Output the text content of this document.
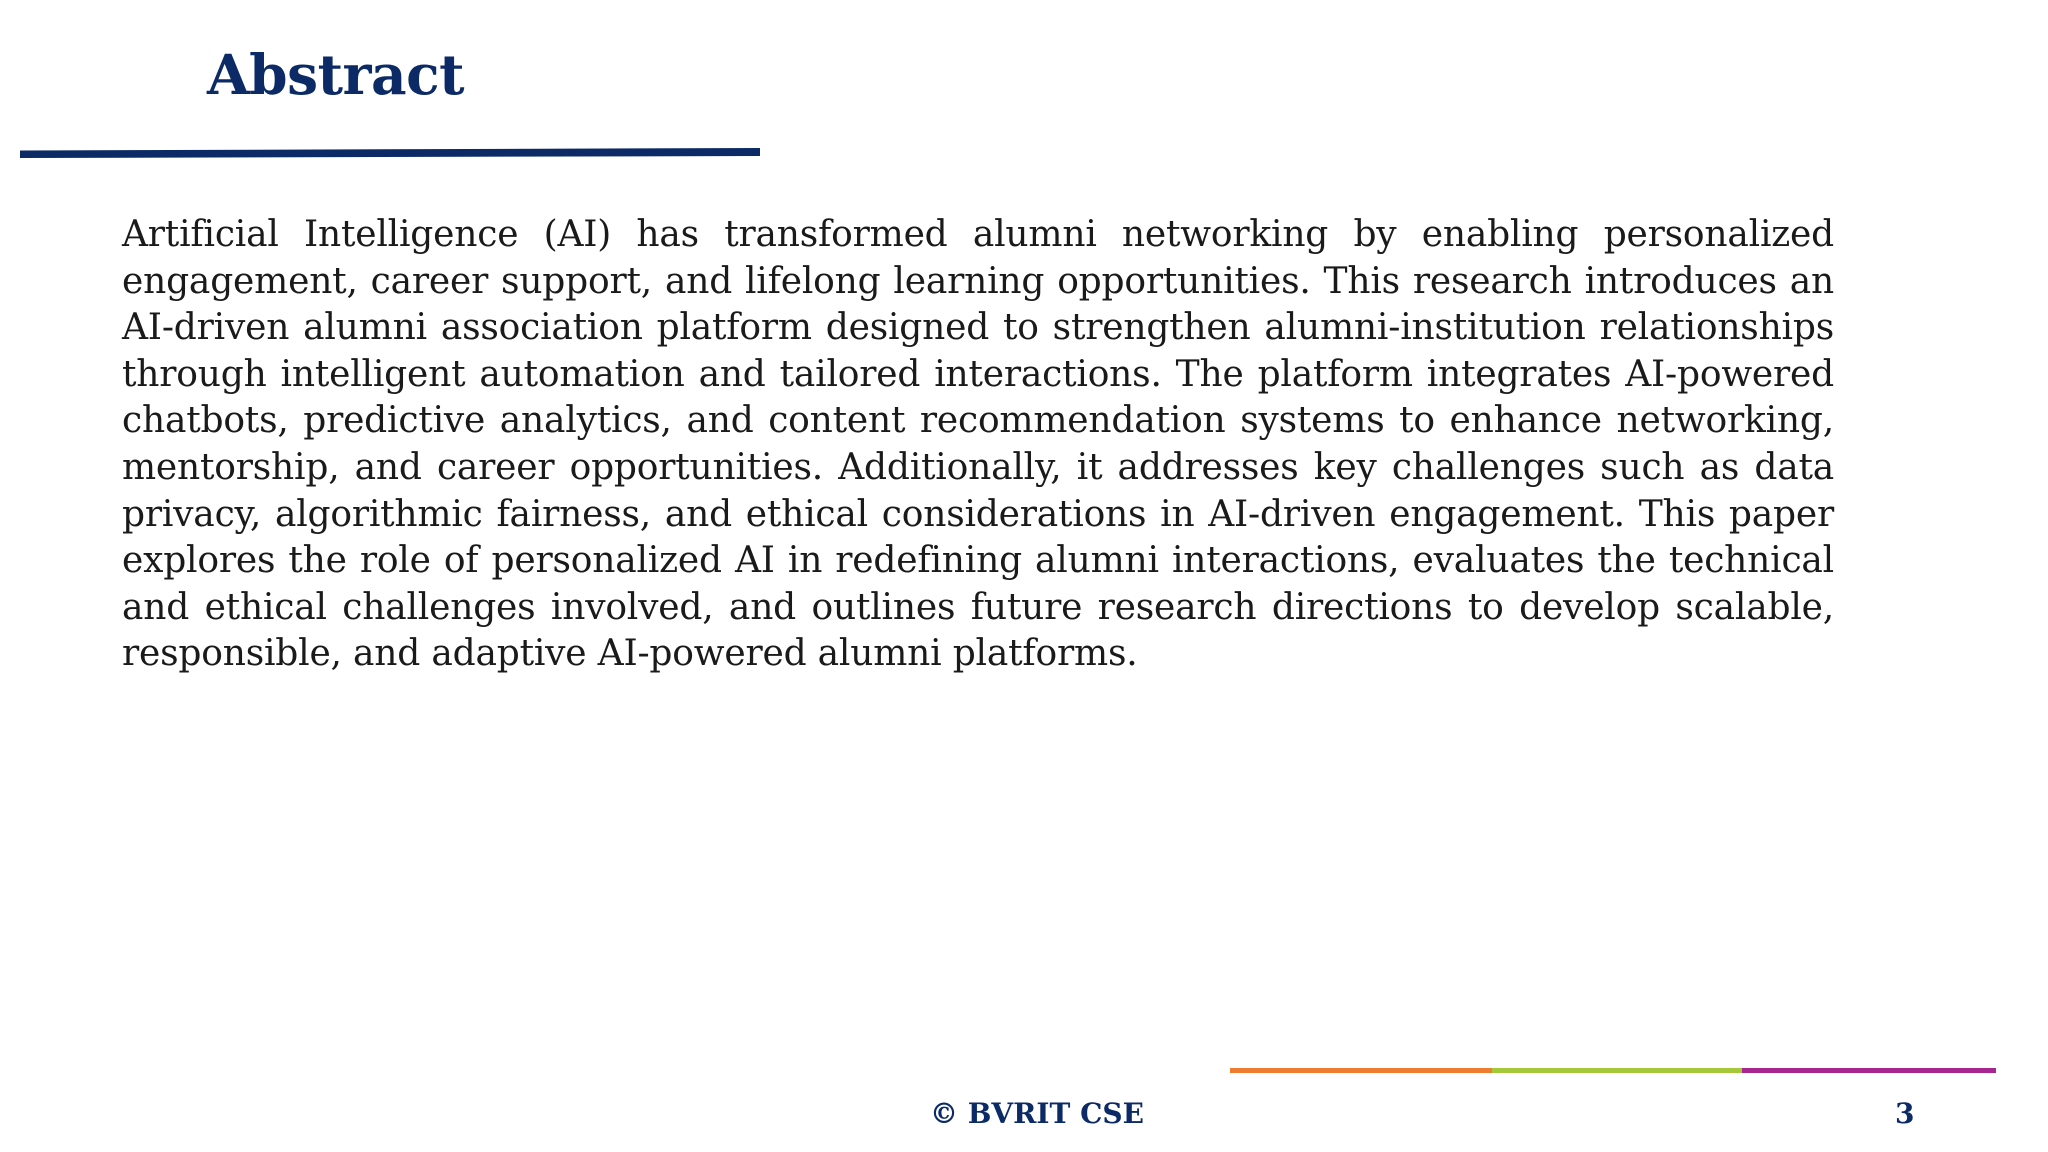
Abstract

Artificial Intelligence (AI) has transformed alumni networking by enabling personalized engagement, career support, and lifelong learning opportunities. This research introduces an AI-driven alumni association platform designed to strengthen alumni-institution relationships through intelligent automation and tailored interactions. The platform integrates AI-powered chatbots, predictive analytics, and content recommendation systems to enhance networking, mentorship, and career opportunities. Additionally, it addresses key challenges such as data privacy, algorithmic fairness, and ethical considerations in AI-driven engagement. This paper explores the role of personalized AI in redefining alumni interactions, evaluates the technical and ethical challenges involved, and outlines future research directions to develop scalable, responsible, and adaptive AI-powered alumni platforms.

© BVRIT CSE	3
